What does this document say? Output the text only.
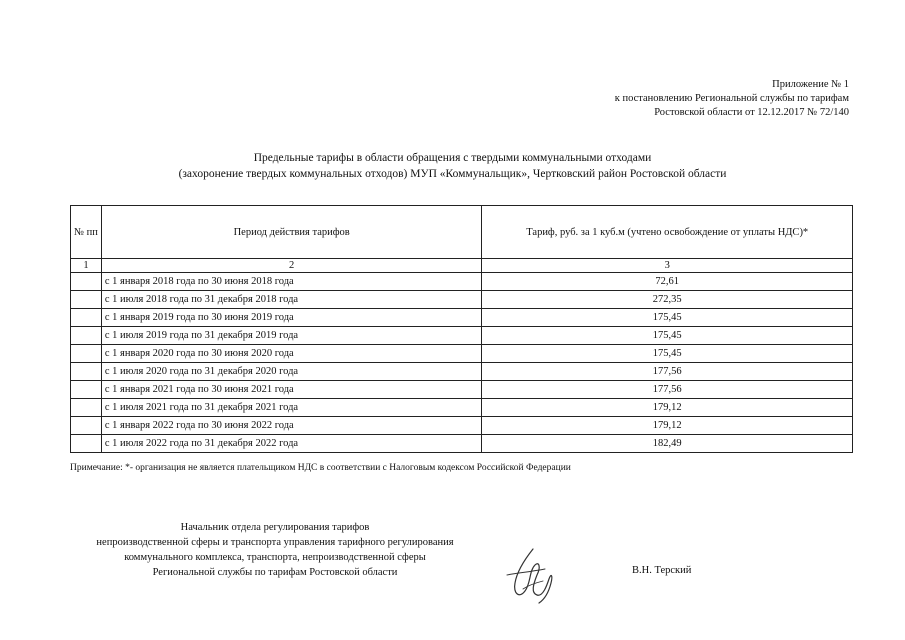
Приложение № 1
к постановлению Региональной службы по тарифам
Ростовской области от 12.12.2017 № 72/140
Предельные тарифы в области обращения с твердыми коммунальными отходами
(захоронение твердых коммунальных отходов) МУП «Коммунальщик», Чертковский район Ростовской области
№ пп	Период действия тарифов	Тариф, руб. за 1 куб.м (учтено освобождение от уплаты НДС)*
1	2	3
	с 1 января 2018 года по 30 июня 2018 года	72,61
	с 1 июля 2018 года по 31 декабря 2018 года	272,35
	с 1 января 2019 года по 30 июня 2019 года	175,45
	с 1 июля 2019 года по 31 декабря 2019 года	175,45
	с 1 января 2020 года по 30 июня 2020 года	175,45
	с 1 июля 2020 года по 31 декабря 2020 года	177,56
	с 1 января 2021 года по 30 июня 2021 года	177,56
	с 1 июля 2021 года по 31 декабря 2021 года	179,12
	с 1 января 2022 года по 30 июня 2022 года	179,12
	с 1 июля 2022 года по 31 декабря 2022 года	182,49
Примечание: *- организация не является плательщиком НДС в соответствии с Налоговым кодексом Российской Федерации
Начальник отдела регулирования тарифов
непроизводственной сферы и транспорта управления тарифного регулирования
коммунального комплекса, транспорта, непроизводственной сферы
Региональной службы по тарифам Ростовской области	В.Н. Терский
